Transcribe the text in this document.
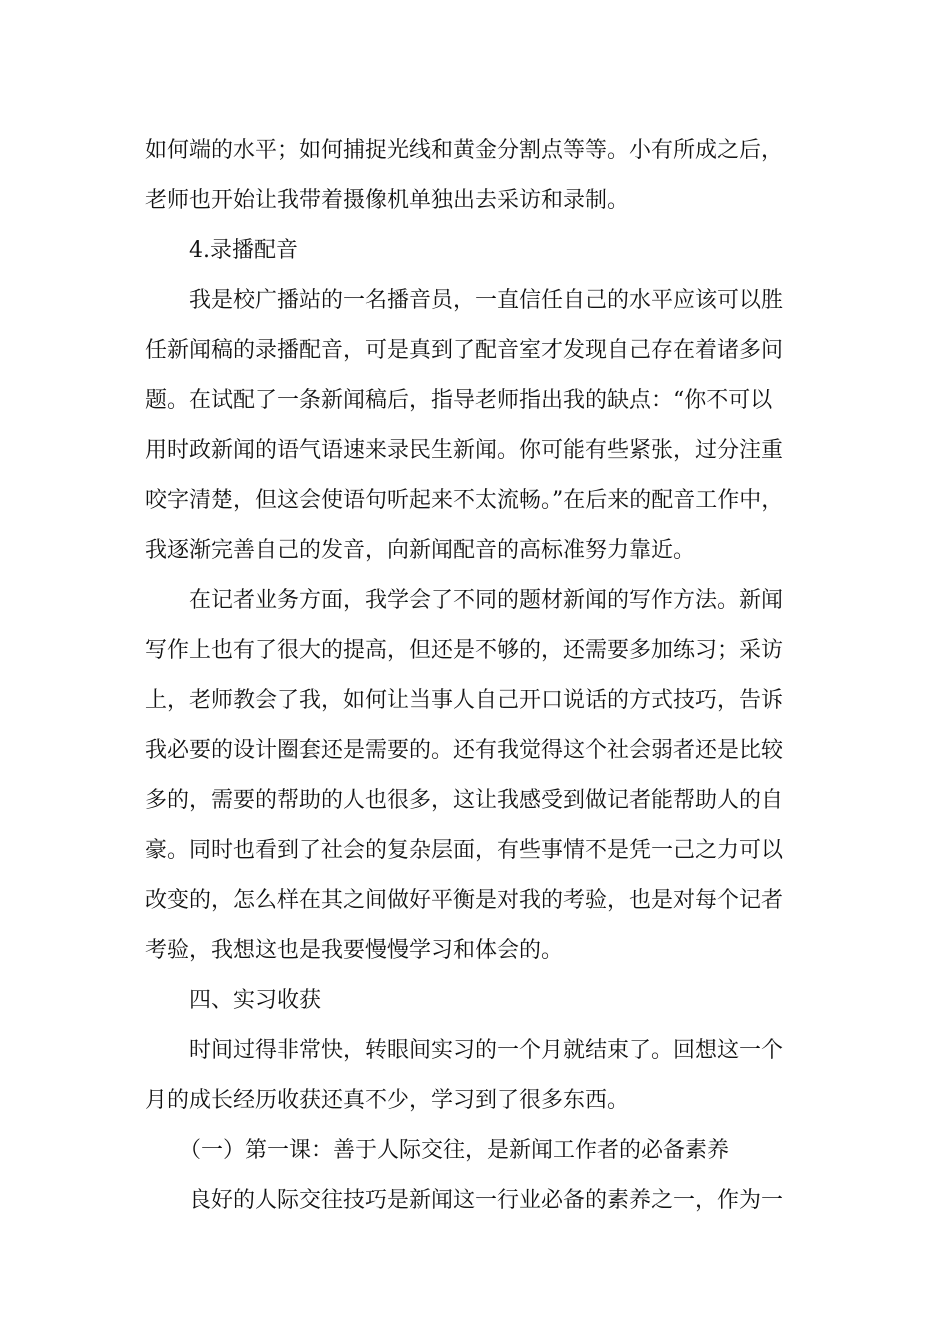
如何端的水平；如何捕捉光线和黄金分割点等等。小有所成之后，
老师也开始让我带着摄像机单独出去采访和录制。
4.录播配音
我是校广播站的一名播音员，一直信任自己的水平应该可以胜
任新闻稿的录播配音，可是真到了配音室才发现自己存在着诸多问
题。在试配了一条新闻稿后，指导老师指出我的缺点：“你不可以
用时政新闻的语气语速来录民生新闻。你可能有些紧张，过分注重
咬字清楚，但这会使语句听起来不太流畅。”在后来的配音工作中，
我逐渐完善自己的发音，向新闻配音的高标准努力靠近。
在记者业务方面，我学会了不同的题材新闻的写作方法。新闻
写作上也有了很大的提高，但还是不够的，还需要多加练习；采访
上，老师教会了我，如何让当事人自己开口说话的方式技巧，告诉
我必要的设计圈套还是需要的。还有我觉得这个社会弱者还是比较
多的，需要的帮助的人也很多，这让我感受到做记者能帮助人的自
豪。同时也看到了社会的复杂层面，有些事情不是凭一己之力可以
改变的，怎么样在其之间做好平衡是对我的考验，也是对每个记者
考验，我想这也是我要慢慢学习和体会的。
四、实习收获
时间过得非常快，转眼间实习的一个月就结束了。回想这一个
月的成长经历收获还真不少，学习到了很多东西。
（一）第一课：善于人际交往，是新闻工作者的必备素养
良好的人际交往技巧是新闻这一行业必备的素养之一，作为一
